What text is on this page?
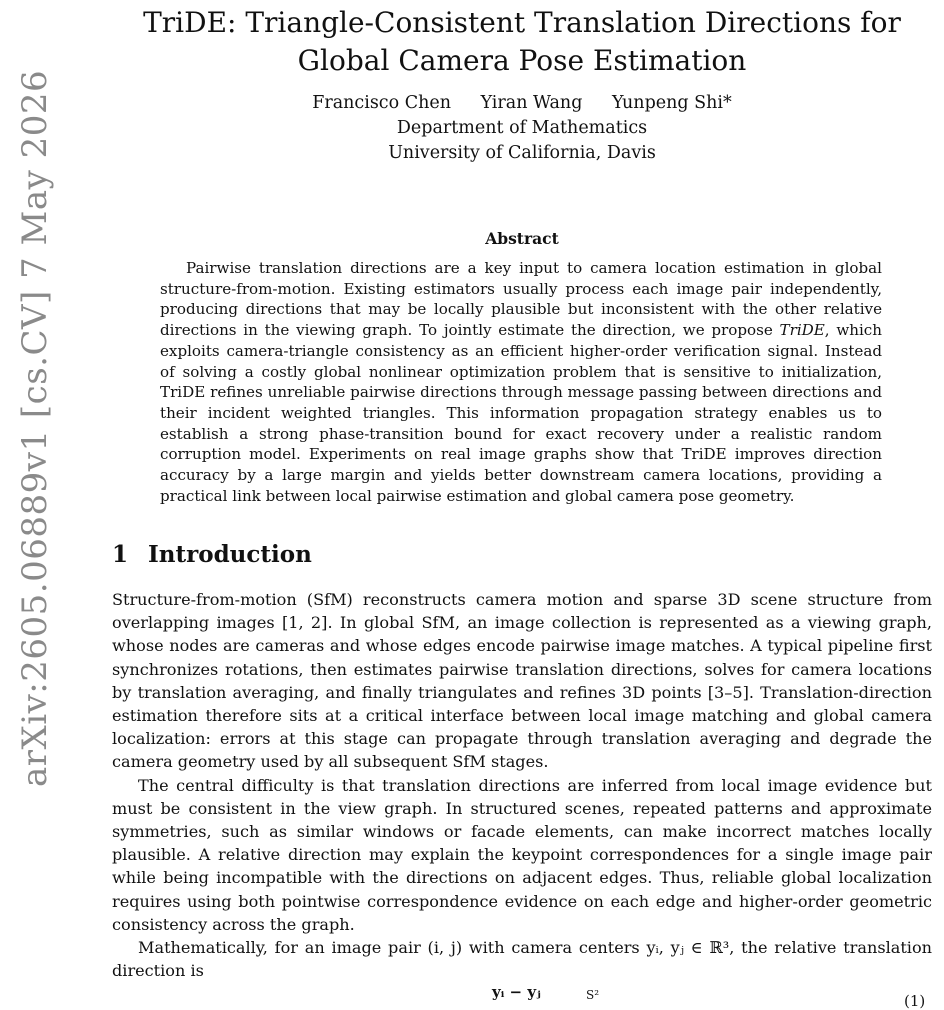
arXiv:2605.06889v1 [cs.CV] 7 May 2026
TriDE: Triangle-Consistent Translation Directions for Global Camera Pose Estimation
Francisco Chen Yiran Wang Yunpeng Shi*
Department of Mathematics
University of California, Davis
Abstract
Pairwise translation directions are a key input to camera location estimation in global structure-from-motion. Existing estimators usually process each image pair independently, producing directions that may be locally plausible but inconsistent with the other relative directions in the viewing graph. To jointly estimate the direction, we propose TriDE, which exploits camera-triangle consistency as an efficient higher-order verification signal. Instead of solving a costly global nonlinear optimization problem that is sensitive to initialization, TriDE refines unreliable pairwise directions through message passing between directions and their incident weighted triangles. This information propagation strategy enables us to establish a strong phase-transition bound for exact recovery under a realistic random corruption model. Experiments on real image graphs show that TriDE improves direction accuracy by a large margin and yields better downstream camera locations, providing a practical link between local pairwise estimation and global camera pose geometry.
1 Introduction

Structure-from-motion (SfM) reconstructs camera motion and sparse 3D scene structure from overlapping images [1, 2]. In global SfM, an image collection is represented as a viewing graph, whose nodes are cameras and whose edges encode pairwise image matches. A typical pipeline first synchronizes rotations, then estimates pairwise translation directions, solves for camera locations by translation averaging, and finally triangulates and refines 3D points [3–5]. Translation-direction estimation therefore sits at a critical interface between local image matching and global camera localization: errors at this stage can propagate through translation averaging and degrade the camera geometry used by all subsequent SfM stages.

The central difficulty is that translation directions are inferred from local image evidence but must be consistent in the view graph. In structured scenes, repeated patterns and approximate symmetries, such as similar windows or facade elements, can make incorrect matches locally plausible. A relative direction may explain the keypoint correspondences for a single image pair while being incompatible with the directions on adjacent edges. Thus, reliable global localization requires using both pointwise correspondence evidence on each edge and higher-order geometric consistency across the graph.

Mathematically, for an image pair (i, j) with camera centers yᵢ, yⱼ ∈ ℝ³, the relative translation direction is

yᵢ − yⱼ	S²	(1)
